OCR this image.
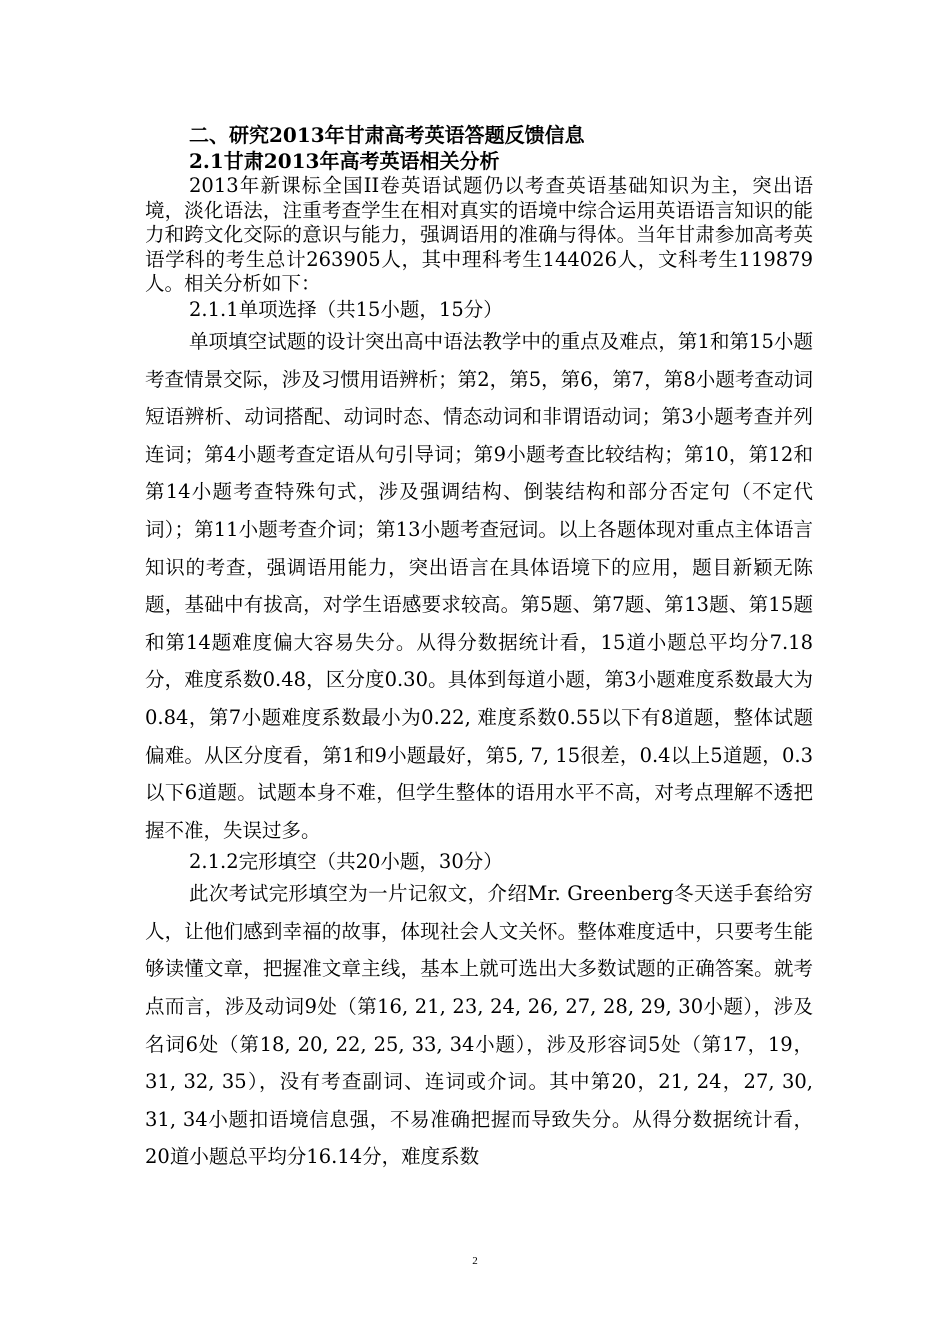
二、研究2013年甘肃高考英语答题反馈信息

2.1甘肃2013年高考英语相关分析

2013年新课标全国II卷英语试题仍以考查英语基础知识为主，突出语境，淡化语法，注重考查学生在相对真实的语境中综合运用英语语言知识的能力和跨文化交际的意识与能力，强调语用的准确与得体。当年甘肃参加高考英语学科的考生总计263905人，其中理科考生144026人，文科考生119879人。相关分析如下：

2.1.1单项选择（共15小题，15分）

单项填空试题的设计突出高中语法教学中的重点及难点，第1和第15小题考查情景交际，涉及习惯用语辨析；第2，第5，第6，第7，第8小题考查动词短语辨析、动词搭配、动词时态、情态动词和非谓语动词；第3小题考查并列连词；第4小题考查定语从句引导词；第9小题考查比较结构；第10，第12和第14小题考查特殊句式，涉及强调结构、倒装结构和部分否定句（不定代词）；第11小题考查介词；第13小题考查冠词。以上各题体现对重点主体语言知识的考查，强调语用能力，突出语言在具体语境下的应用，题目新颖无陈题，基础中有拔高，对学生语感要求较高。第5题、第7题、第13题、第15题和第14题难度偏大容易失分。从得分数据统计看，15道小题总平均分7.18分，难度系数0.48，区分度0.30。具体到每道小题，第3小题难度系数最大为0.84，第7小题难度系数最小为0.22, 难度系数0.55以下有8道题，整体试题偏难。从区分度看，第1和9小题最好，第5, 7, 15很差，0.4以上5道题，0.3以下6道题。试题本身不难，但学生整体的语用水平不高，对考点理解不透把握不准，失误过多。

2.1.2完形填空（共20小题，30分）

此次考试完形填空为一片记叙文，介绍Mr. Greenberg冬天送手套给穷人，让他们感到幸福的故事，体现社会人文关怀。整体难度适中，只要考生能够读懂文章，把握准文章主线，基本上就可选出大多数试题的正确答案。就考点而言，涉及动词9处（第16, 21, 23, 24, 26, 27, 28, 29, 30小题），涉及名词6处（第18, 20, 22, 25, 33, 34小题），涉及形容词5处（第17，19，31, 32, 35），没有考查副词、连词或介词。其中第20，21, 24，27, 30, 31, 34小题扣语境信息强，不易准确把握而导致失分。从得分数据统计看，20道小题总平均分16.14分，难度系数

2
